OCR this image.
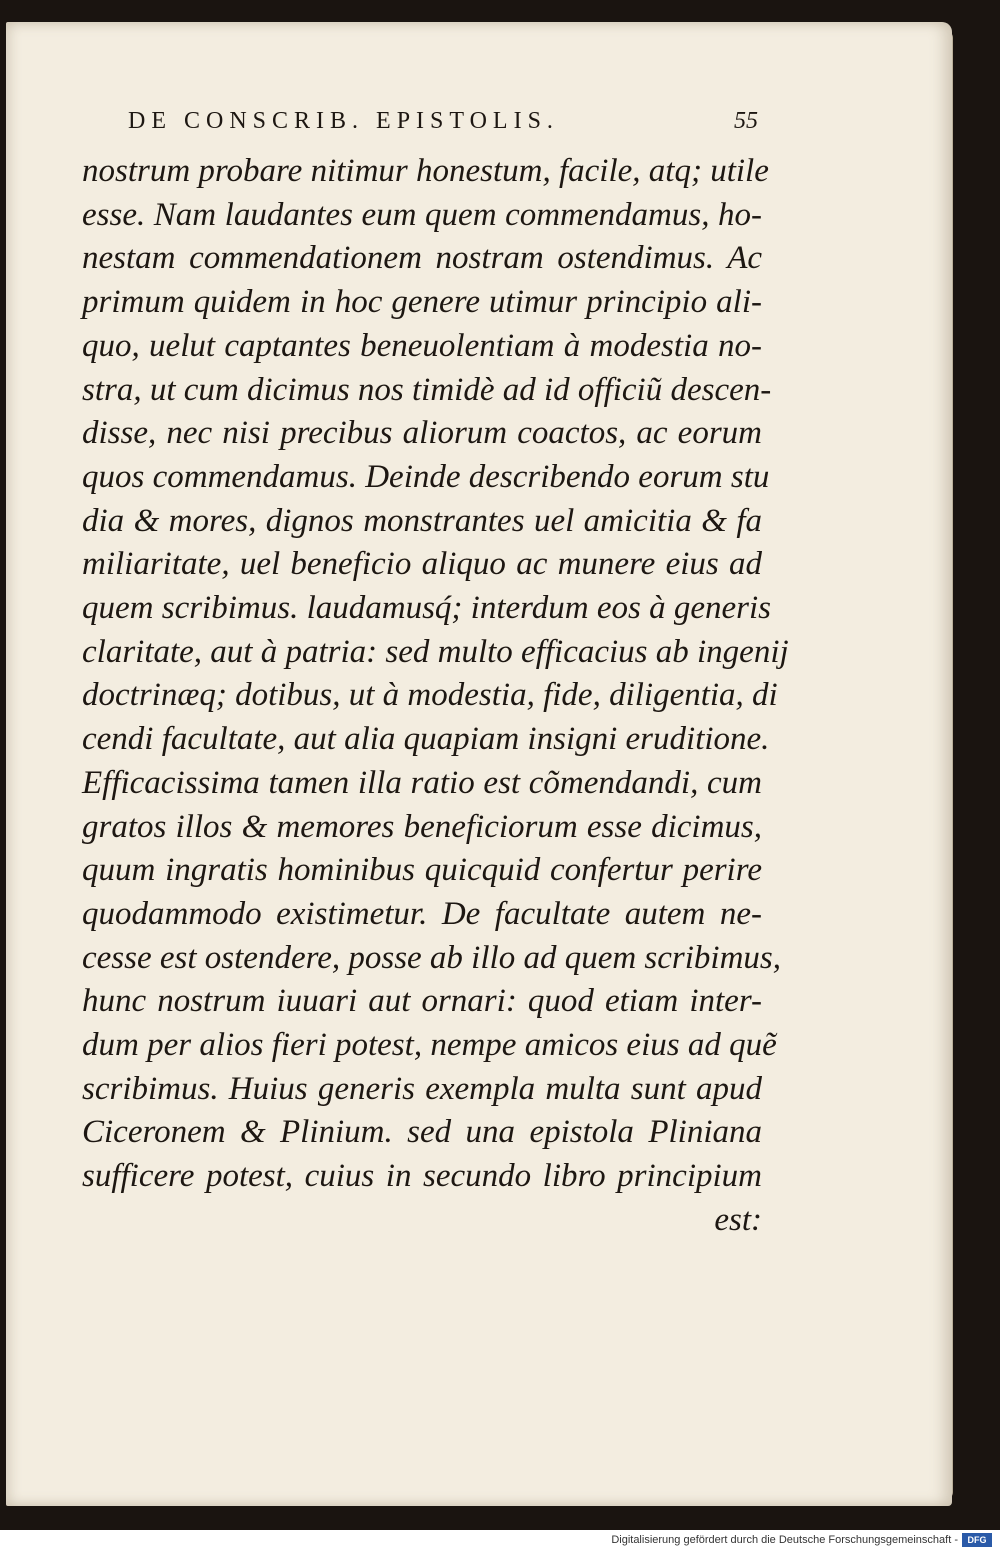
DE CONSCRIB. EPISTOLIS.	55
nostrum probare nitimur honestum, facile, atq; utile
esse. Nam laudantes eum quem commendamus, ho-
nestam commendationem nostram ostendimus. Ac
primum quidem in hoc genere utimur principio ali-
quo, uelut captantes beneuolentiam à modestia no-
stra, ut cum dicimus nos timidè ad id officiũ descen-
disse, nec nisi precibus aliorum coactos, ac eorum
quos commendamus. Deinde describendo eorum stu
dia & mores, dignos monstrantes uel amicitia & fa
miliaritate, uel beneficio aliquo ac munere eius ad
quem scribimus. laudamusq́; interdum eos à generis
claritate, aut à patria: sed multo efficacius ab ingenij
doctrinæq; dotibus, ut à modestia, fide, diligentia, di
cendi facultate, aut alia quapiam insigni eruditione.
Efficacissima tamen illa ratio est cõmendandi, cum
gratos illos & memores beneficiorum esse dicimus,
quum ingratis hominibus quicquid confertur perire
quodammodo existimetur. De facultate autem ne-
cesse est ostendere, posse ab illo ad quem scribimus,
hunc nostrum iuuari aut ornari: quod etiam inter-
dum per alios fieri potest, nempe amicos eius ad quẽ
scribimus. Huius generis exempla multa sunt apud
Ciceronem & Plinium. sed una epistola Pliniana
sufficere potest, cuius in secundo libro principium
est:
Digitalisierung gefördert durch die Deutsche Forschungsgemeinschaft -	DFG
